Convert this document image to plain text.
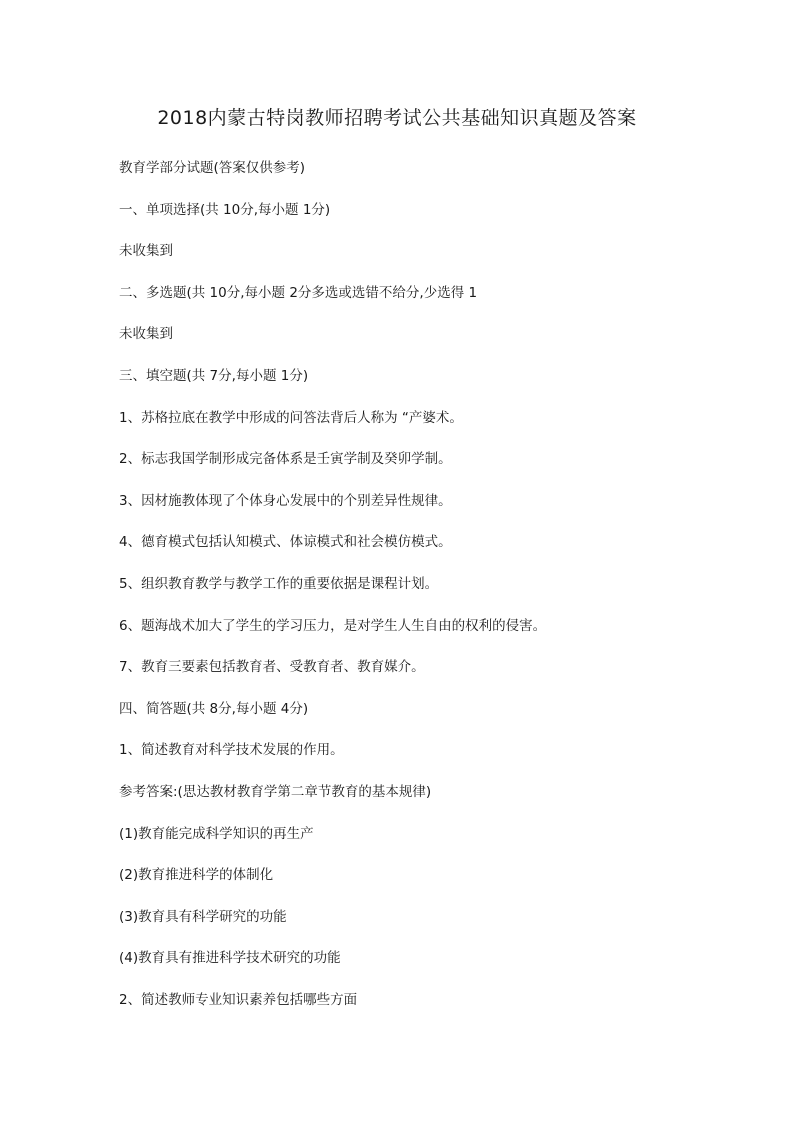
2018内蒙古特岗教师招聘考试公共基础知识真题及答案
教育学部分试题(答案仅供参考)
一、单项选择(共 10分,每小题 1分)
未收集到
二、多选题(共 10分,每小题 2分多选或选错不给分,少选得 1
未收集到
三、填空题(共 7分,每小题 1分)
1、苏格拉底在教学中形成的问答法背后人称为 “产婆术。
2、标志我国学制形成完备体系是壬寅学制及癸卯学制。
3、因材施教体现了个体身心发展中的个别差异性规律。
4、德育模式包括认知模式、体谅模式和社会模仿模式。
5、组织教育教学与教学工作的重要依据是课程计划。
6、题海战术加大了学生的学习压力，是对学生人生自由的权利的侵害。
7、教育三要素包括教育者、受教育者、教育媒介。
四、简答题(共 8分,每小题 4分)
1、简述教育对科学技术发展的作用。
参考答案:(思达教材教育学第二章节教育的基本规律)
(1)教育能完成科学知识的再生产
(2)教育推进科学的体制化
(3)教育具有科学研究的功能
(4)教育具有推进科学技术研究的功能
2、简述教师专业知识素养包括哪些方面
